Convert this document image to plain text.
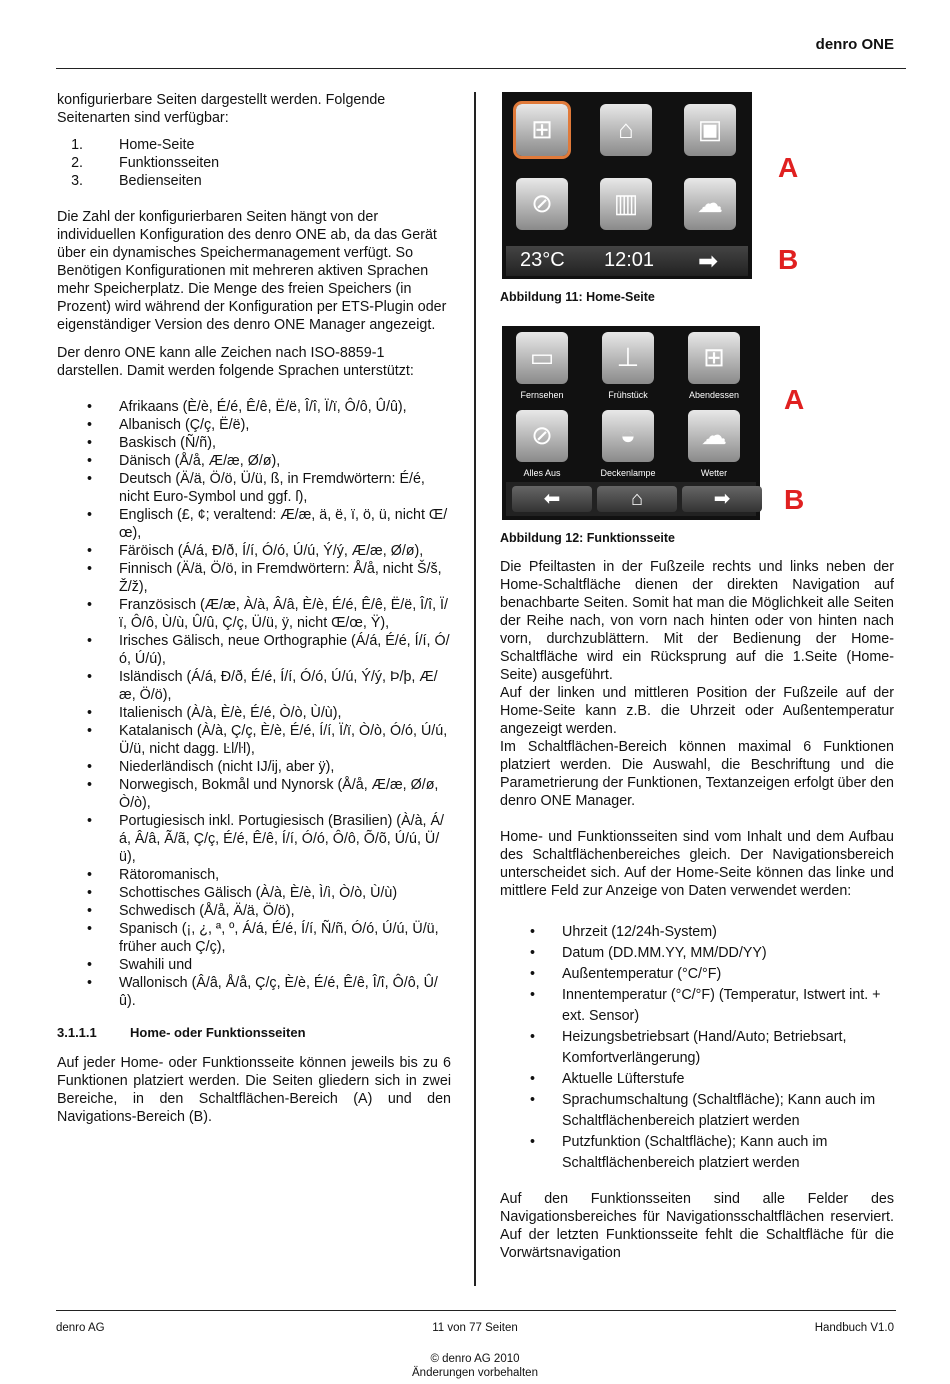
denro ONE

konfigurierbare Seiten dargestellt werden. Folgende Seitenarten sind verfügbar:

1.	Home-Seite
2.	Funktionsseiten
3.	Bedienseiten

Die Zahl der konfigurierbaren Seiten hängt von der individuellen Konfiguration des denro ONE ab, da das Gerät über ein dynamisches Speichermanagement verfügt. So Benötigen Konfigurationen mit mehreren aktiven Sprachen mehr Speicherplatz. Die Menge des freien Speichers (in Prozent) wird während der Konfiguration per ETS-Plugin oder eigenständiger Version des denro ONE Manager angezeigt.

Der denro ONE kann alle Zeichen nach ISO-8859-1 darstellen. Damit werden folgende Sprachen unterstützt:

• Afrikaans (È/è, É/é, Ê/ê, Ë/ë, Î/î, Ï/ï, Ô/ô, Û/û),
• Albanisch (Ç/ç, Ë/ë),
• Baskisch (Ñ/ñ),
• Dänisch (Å/å, Æ/æ, Ø/ø),
• Deutsch (Ä/ä, Ö/ö, Ü/ü, ß, in Fremdwörtern: É/é, nicht Euro-Symbol und ggf. ſ),
• Englisch (£, ¢; veraltend: Æ/æ, ä, ë, ï, ö, ü, nicht Œ/œ),
• Färöisch (Á/á, Ð/ð, Í/í, Ó/ó, Ú/ú, Ý/ý, Æ/æ, Ø/ø),
• Finnisch (Ä/ä, Ö/ö, in Fremdwörtern: Å/å, nicht Š/š, Ž/ž),
• Französisch (Æ/æ, À/à, Â/â, È/è, É/é, Ê/ê, Ë/ë, Î/î, Ï/ï, Ô/ô, Ù/ù, Û/û, Ç/ç, Ü/ü, ÿ, nicht Œ/œ, Ÿ),
• Irisches Gälisch, neue Orthographie (Á/á, É/é, Í/í, Ó/ó, Ú/ú),
• Isländisch (Á/á, Ð/ð, É/é, Í/í, Ó/ó, Ú/ú, Ý/ý, Þ/þ, Æ/æ, Ö/ö),
• Italienisch (À/à, È/è, É/é, Ò/ò, Ù/ù),
• Katalanisch (À/à, Ç/ç, È/è, É/é, Í/í, Ï/ï, Ò/ò, Ó/ó, Ú/ú, Ü/ü, nicht dagg. Ŀl/ŀl),
• Niederländisch (nicht IJ/ij, aber ÿ),
• Norwegisch, Bokmål und Nynorsk (Å/å, Æ/æ, Ø/ø, Ò/ò),
• Portugiesisch inkl. Portugiesisch (Brasilien) (À/à, Á/á, Â/â, Ã/ã, Ç/ç, É/é, Ê/ê, Í/í, Ó/ó, Ô/ô, Õ/õ, Ú/ú, Ü/ü),
• Rätoromanisch,
• Schottisches Gälisch (À/à, È/è, Ì/ì, Ò/ò, Ù/ù)
• Schwedisch (Å/å, Ä/ä, Ö/ö),
• Spanisch (¡, ¿, ª, º, Á/á, É/é, Í/í, Ñ/ñ, Ó/ó, Ú/ú, Ü/ü, früher auch Ç/ç),
• Swahili und
• Wallonisch (Â/â, Å/å, Ç/ç, È/è, É/é, Ê/ê, Î/î, Ô/ô, Û/û).
3.1.1.1	Home- oder Funktionsseiten

Auf jeder Home- oder Funktionsseite können jeweils bis zu 6 Funktionen platziert werden. Die Seiten gliedern sich in zwei Bereiche, in den Schaltflächen-Bereich (A) und den Navigations-Bereich (B).

⊞	⌂	▣
⊘	▥	☁
23°C 12:01 ➡
A
B
Abbildung 11: Home-Seite
▭
Fernsehen
⊥
Frühstück
⊞
Abendessen
⊘
Alles Aus
◒
Deckenlampe
☁
Wetter
⬅	⌂	➡
A
B
Abbildung 12: Funktionsseite

Die Pfeiltasten in der Fußzeile rechts und links neben der Home-Schaltfläche dienen der direkten Navigation auf benachbarte Seiten. Somit hat man die Möglichkeit alle Seiten der Reihe nach, von vorn nach hinten oder von hinten nach vorn, durchzublättern. Mit der Bedienung der Home-Schaltfläche wird ein Rücksprung auf die 1.Seite (Home-Seite) ausgeführt.

Auf der linken und mittleren Position der Fußzeile auf der Home-Seite kann z.B. die Uhrzeit oder Außentemperatur angezeigt werden.

Im Schaltflächen-Bereich können maximal 6 Funktionen platziert werden. Die Auswahl, die Beschriftung und die Parametrierung der Funktionen, Textanzeigen erfolgt über den denro ONE Manager.

Home- und Funktionsseiten sind vom Inhalt und dem Aufbau des Schaltflächenbereiches gleich. Der Navigationsbereich unterscheidet sich. Auf der Home-Seite können das linke und mittlere Feld zur Anzeige von Daten verwendet werden:

• Uhrzeit (12/24h-System)
• Datum (DD.MM.YY, MM/DD/YY)
• Außentemperatur (°C/°F)
• Innentemperatur (°C/°F) (Temperatur, Istwert int. + ext. Sensor)
• Heizungsbetriebsart (Hand/Auto; Betriebsart, Komfortverlängerung)
• Aktuelle Lüfterstufe
• Sprachumschaltung (Schaltfläche); Kann auch im Schaltflächenbereich platziert werden
• Putzfunktion (Schaltfläche); Kann auch im Schaltflächenbereich platziert werden

Auf den Funktionsseiten sind alle Felder des Navigationsbereiches für Navigationsschaltflächen reserviert. Auf der letzten Funktionsseite fehlt die Schaltfläche für die Vorwärtsnavigation

denro AG	11 von 77 Seiten	Handbuch V1.0
© denro AG 2010
Änderungen vorbehalten
